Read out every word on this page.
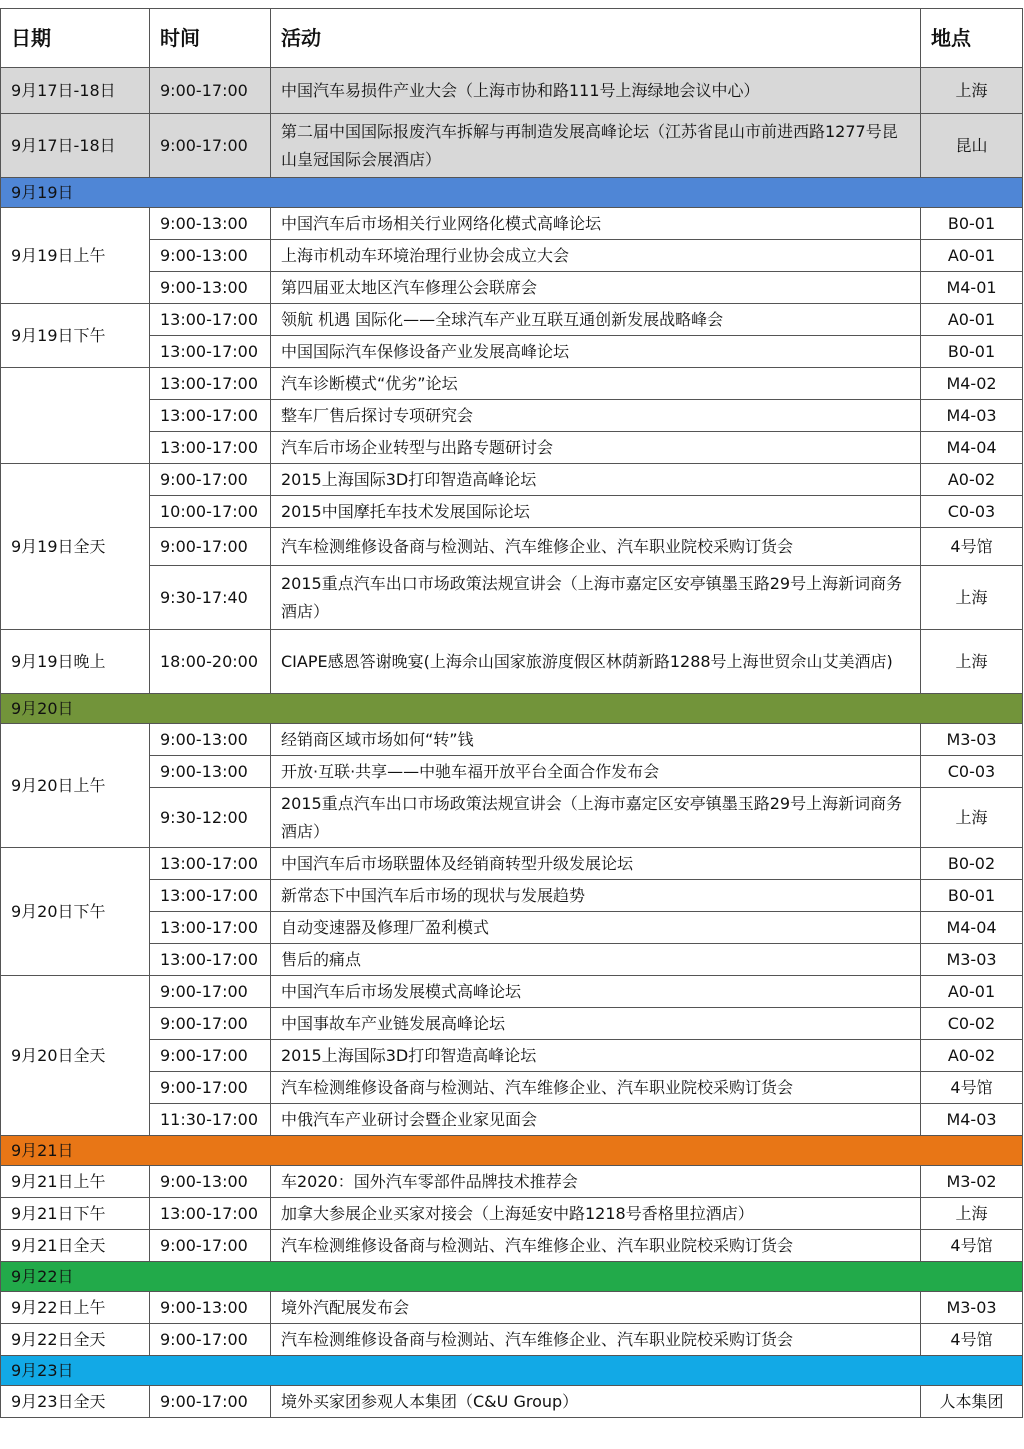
日期	时间	活动	地点
9月17日-18日	9:00-17:00	中国汽车易损件产业大会（上海市协和路111号上海绿地会议中心）	上海
9月17日-18日	9:00-17:00	第二届中国国际报废汽车拆解与再制造发展高峰论坛（江苏省昆山市前进西路1277号昆山皇冠国际会展酒店）	昆山
9月19日			
9月19日上午	9:00-13:00	中国汽车后市场相关行业网络化模式高峰论坛	B0-01
	9:00-13:00	上海市机动车环境治理行业协会成立大会	A0-01
	9:00-13:00	第四届亚太地区汽车修理公会联席会	M4-01
9月19日下午	13:00-17:00	领航 机遇 国际化——全球汽车产业互联互通创新发展战略峰会	A0-01
	13:00-17:00	中国国际汽车保修设备产业发展高峰论坛	B0-01
	13:00-17:00	汽车诊断模式“优劣”论坛	M4-02
	13:00-17:00	整车厂售后探讨专项研究会	M4-03
	13:00-17:00	汽车后市场企业转型与出路专题研讨会	M4-04
9月19日全天	9:00-17:00	2015上海国际3D打印智造高峰论坛	A0-02
	10:00-17:00	2015中国摩托车技术发展国际论坛	C0-03
	9:00-17:00	汽车检测维修设备商与检测站、汽车维修企业、汽车职业院校采购订货会	4号馆
	9:30-17:40	2015重点汽车出口市场政策法规宣讲会（上海市嘉定区安亭镇墨玉路29号上海新词商务酒店）	上海
9月19日晚上	18:00-20:00	CIAPE感恩答谢晚宴(上海佘山国家旅游度假区林荫新路1288号上海世贸佘山艾美酒店)	上海
9月20日			
9月20日上午	9:00-13:00	经销商区域市场如何“转”钱	M3-03
	9:00-13:00	开放·互联·共享——中驰车福开放平台全面合作发布会	C0-03
	9:30-12:00	2015重点汽车出口市场政策法规宣讲会（上海市嘉定区安亭镇墨玉路29号上海新词商务酒店）	上海
9月20日下午	13:00-17:00	中国汽车后市场联盟体及经销商转型升级发展论坛	B0-02
	13:00-17:00	新常态下中国汽车后市场的现状与发展趋势	B0-01
	13:00-17:00	自动变速器及修理厂盈利模式	M4-04
	13:00-17:00	售后的痛点	M3-03
9月20日全天	9:00-17:00	中国汽车后市场发展模式高峰论坛	A0-01
	9:00-17:00	中国事故车产业链发展高峰论坛	C0-02
	9:00-17:00	2015上海国际3D打印智造高峰论坛	A0-02
	9:00-17:00	汽车检测维修设备商与检测站、汽车维修企业、汽车职业院校采购订货会	4号馆
	11:30-17:00	中俄汽车产业研讨会暨企业家见面会	M4-03
9月21日			
9月21日上午	9:00-13:00	车2020：国外汽车零部件品牌技术推荐会	M3-02
9月21日下午	13:00-17:00	加拿大参展企业买家对接会（上海延安中路1218号香格里拉酒店）	上海
9月21日全天	9:00-17:00	汽车检测维修设备商与检测站、汽车维修企业、汽车职业院校采购订货会	4号馆
9月22日			
9月22日上午	9:00-13:00	境外汽配展发布会	M3-03
9月22日全天	9:00-17:00	汽车检测维修设备商与检测站、汽车维修企业、汽车职业院校采购订货会	4号馆
9月23日			
9月23日全天	9:00-17:00	境外买家团参观人本集团（C&U Group）	人本集团
